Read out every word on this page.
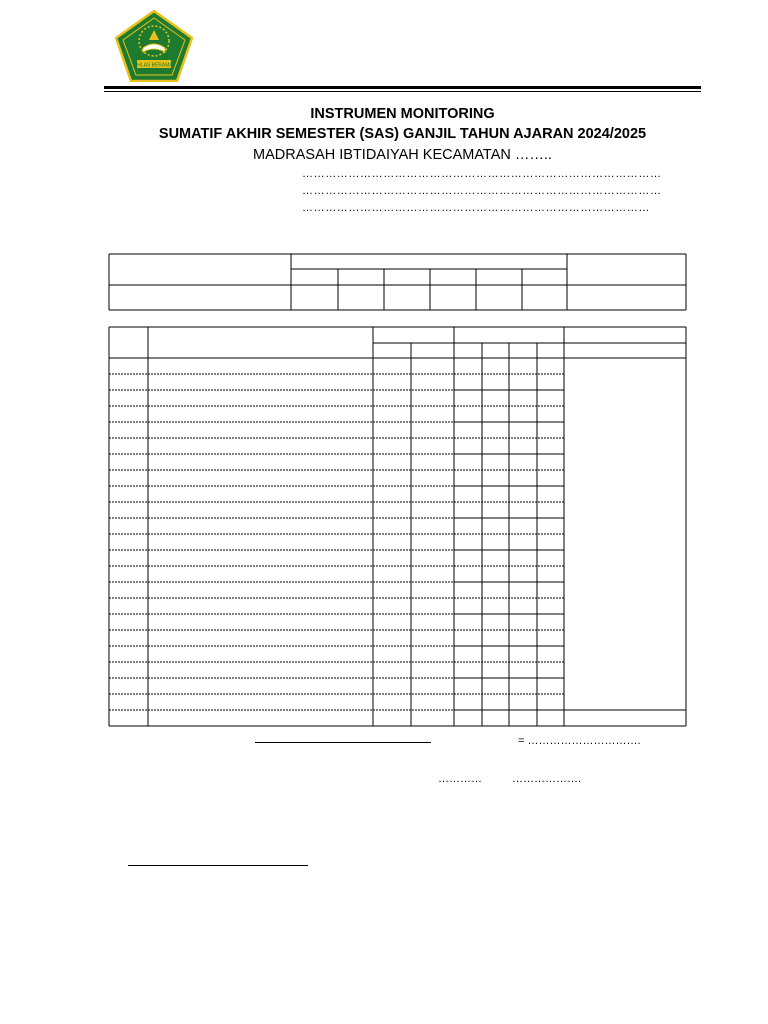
IKHLAS BERAMAL
INSTRUMEN MONITORING
SUMATIF AKHIR SEMESTER (SAS) GANJIL TAHUN AJARAN 2024/2025
MADRASAH IBTIDAIYAH KECAMATAN ……..
…………………………………………………………………………………
…………………………………………………………………………………
………………………………………………………………………………
= ………………………….
…………	……………….
